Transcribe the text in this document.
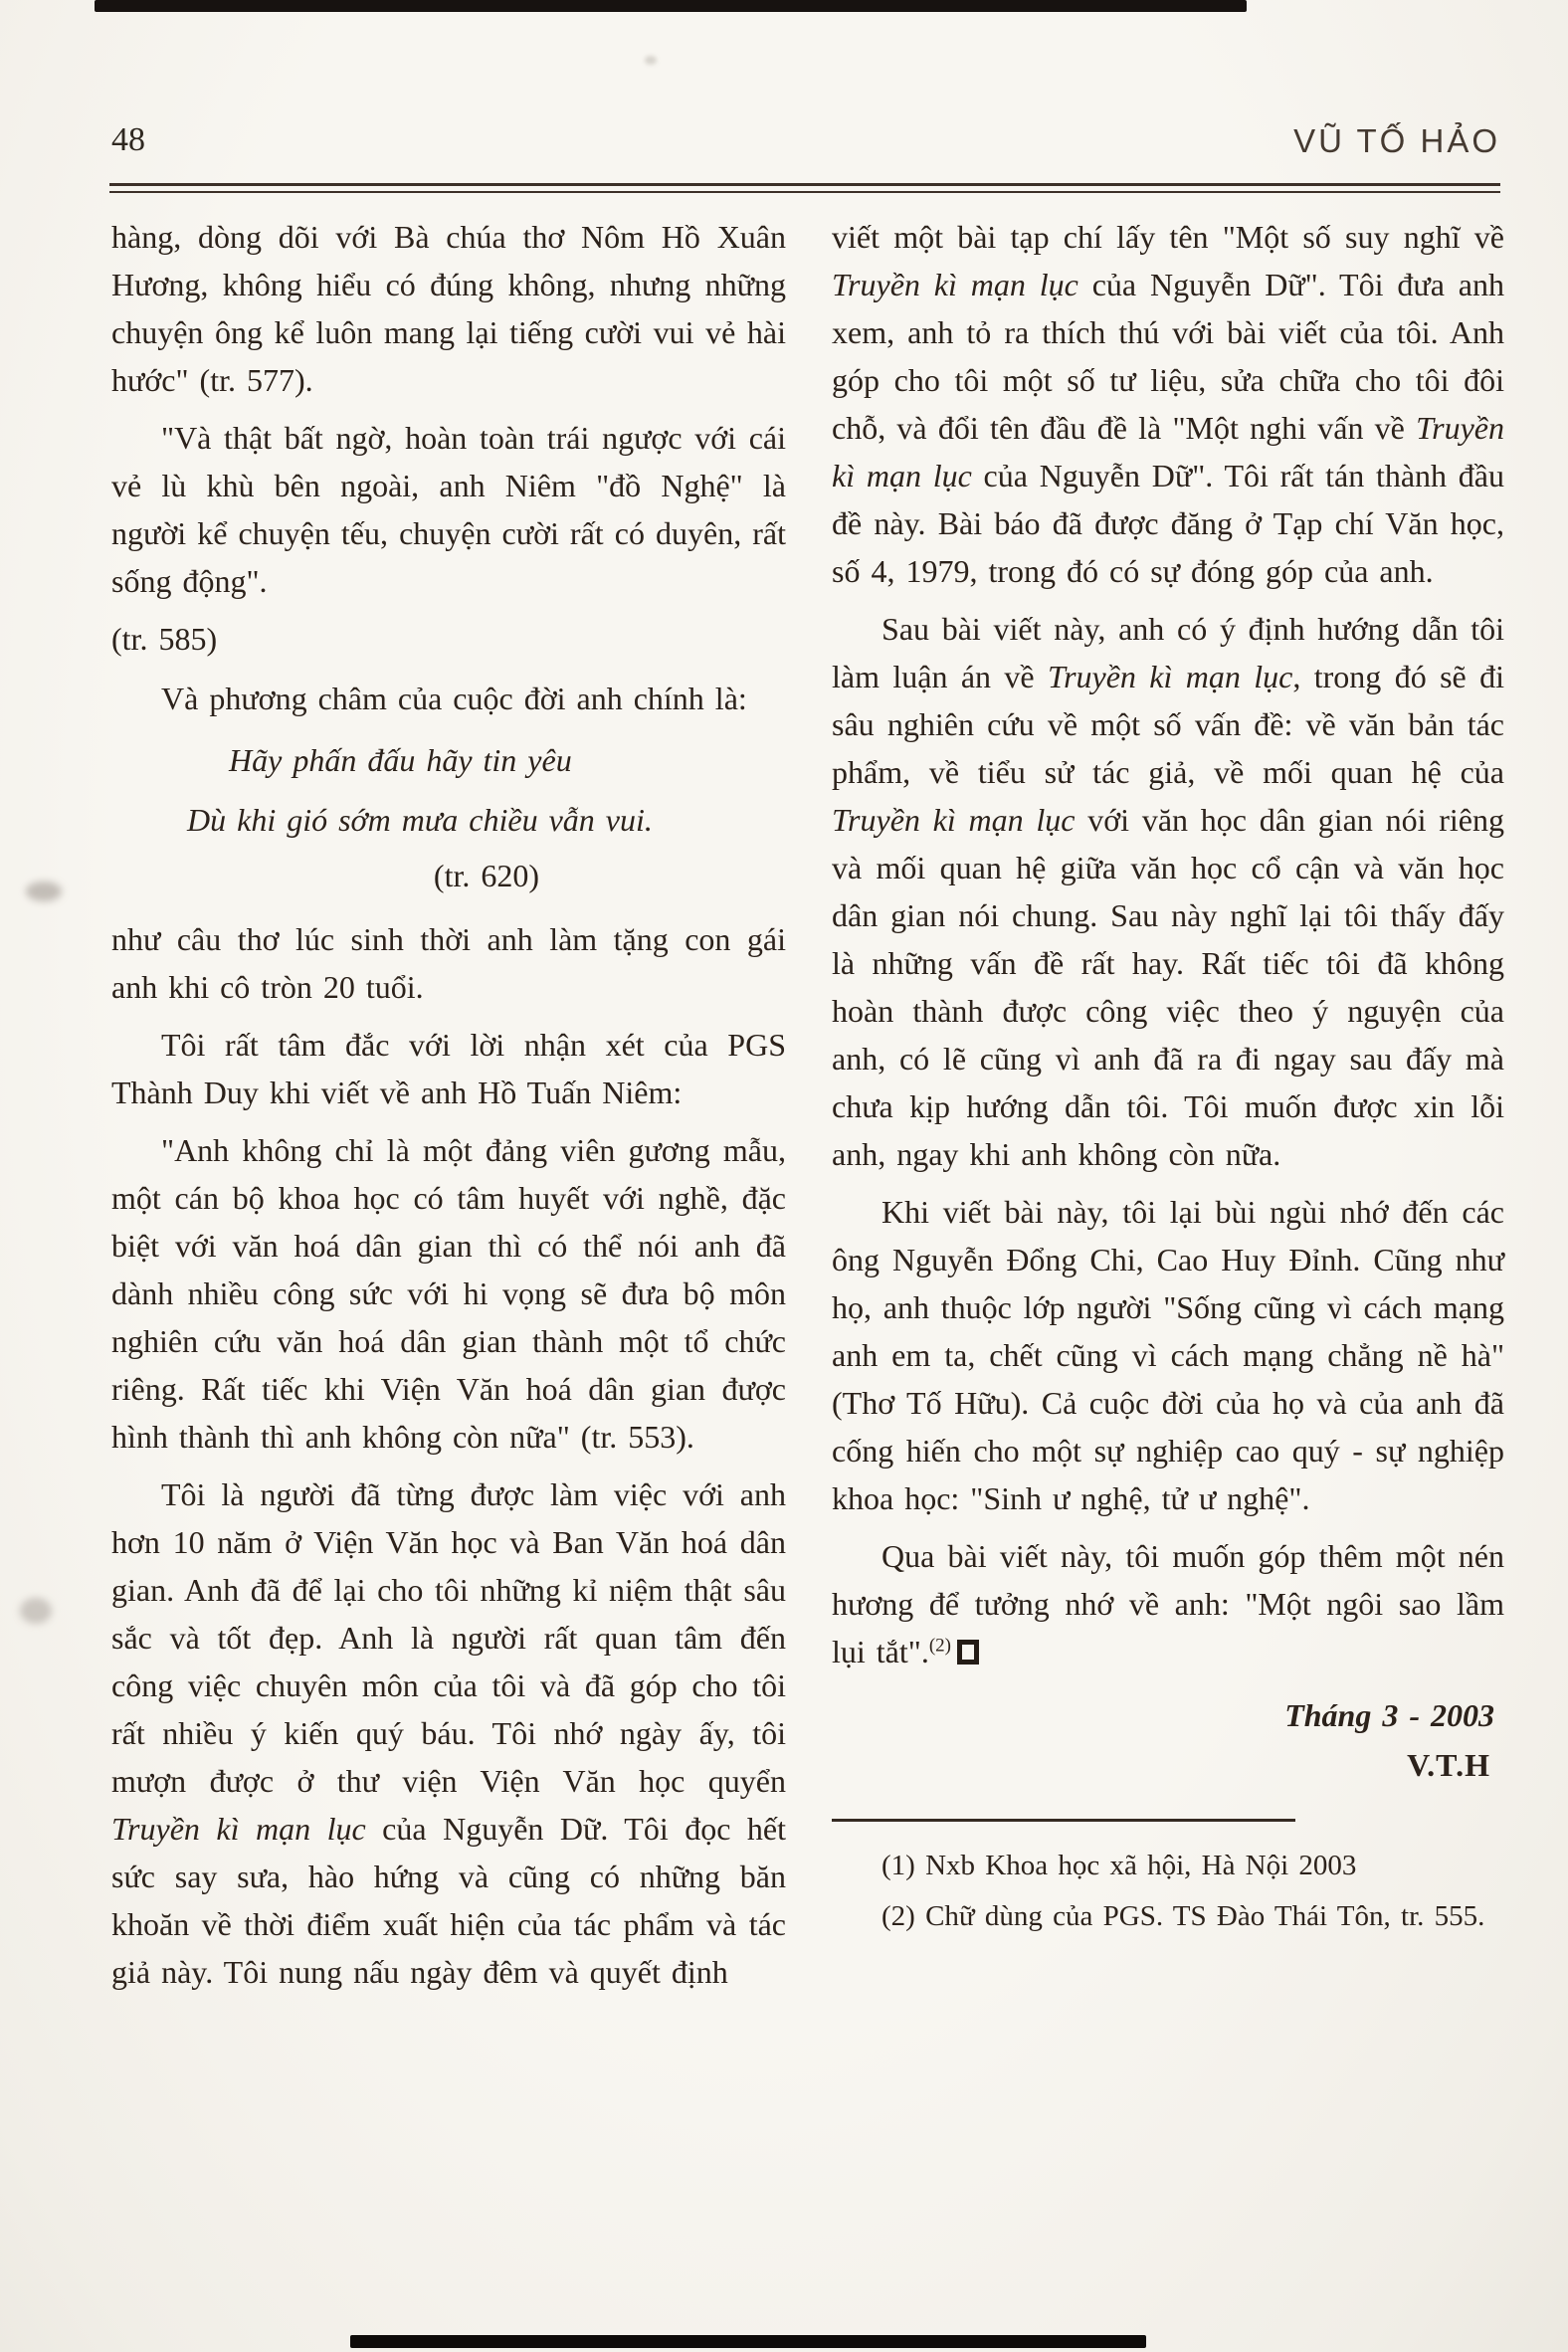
48	VŨ TỐ HẢO

hàng, dòng dõi với Bà chúa thơ Nôm Hồ Xuân Hương, không hiểu có đúng không, nhưng những chuyện ông kể luôn mang lại tiếng cười vui vẻ hài hước" (tr. 577).

"Và thật bất ngờ, hoàn toàn trái ngược với cái vẻ lù khù bên ngoài, anh Niêm "đồ Nghệ" là người kể chuyện tếu, chuyện cười rất có duyên, rất sống động".

(tr. 585)

Và phương châm của cuộc đời anh chính là:

Hãy phấn đấu hãy tin yêu

Dù khi gió sớm mưa chiều vẫn vui.

(tr. 620)

như câu thơ lúc sinh thời anh làm tặng con gái anh khi cô tròn 20 tuổi.

Tôi rất tâm đắc với lời nhận xét của PGS Thành Duy khi viết về anh Hồ Tuấn Niêm:

"Anh không chỉ là một đảng viên gương mẫu, một cán bộ khoa học có tâm huyết với nghề, đặc biệt với văn hoá dân gian thì có thể nói anh đã dành nhiều công sức với hi vọng sẽ đưa bộ môn nghiên cứu văn hoá dân gian thành một tổ chức riêng. Rất tiếc khi Viện Văn hoá dân gian được hình thành thì anh không còn nữa" (tr. 553).

Tôi là người đã từng được làm việc với anh hơn 10 năm ở Viện Văn học và Ban Văn hoá dân gian. Anh đã để lại cho tôi những kỉ niệm thật sâu sắc và tốt đẹp. Anh là người rất quan tâm đến công việc chuyên môn của tôi và đã góp cho tôi rất nhiều ý kiến quý báu. Tôi nhớ ngày ấy, tôi mượn được ở thư viện Viện Văn học quyển Truyền kì mạn lục của Nguyễn Dữ. Tôi đọc hết sức say sưa, hào hứng và cũng có những băn khoăn về thời điểm xuất hiện của tác phẩm và tác giả này. Tôi nung nấu ngày đêm và quyết định

viết một bài tạp chí lấy tên "Một số suy nghĩ về Truyền kì mạn lục của Nguyễn Dữ". Tôi đưa anh xem, anh tỏ ra thích thú với bài viết của tôi. Anh góp cho tôi một số tư liệu, sửa chữa cho tôi đôi chỗ, và đổi tên đầu đề là "Một nghi vấn về Truyền kì mạn lục của Nguyễn Dữ". Tôi rất tán thành đầu đề này. Bài báo đã được đăng ở Tạp chí Văn học, số 4, 1979, trong đó có sự đóng góp của anh.

Sau bài viết này, anh có ý định hướng dẫn tôi làm luận án về Truyền kì mạn lục, trong đó sẽ đi sâu nghiên cứu về một số vấn đề: về văn bản tác phẩm, về tiểu sử tác giả, về mối quan hệ của Truyền kì mạn lục với văn học dân gian nói riêng và mối quan hệ giữa văn học cổ cận và văn học dân gian nói chung. Sau này nghĩ lại tôi thấy đấy là những vấn đề rất hay. Rất tiếc tôi đã không hoàn thành được công việc theo ý nguyện của anh, có lẽ cũng vì anh đã ra đi ngay sau đấy mà chưa kịp hướng dẫn tôi. Tôi muốn được xin lỗi anh, ngay khi anh không còn nữa.

Khi viết bài này, tôi lại bùi ngùi nhớ đến các ông Nguyễn Đổng Chi, Cao Huy Đỉnh. Cũng như họ, anh thuộc lớp người "Sống cũng vì cách mạng anh em ta, chết cũng vì cách mạng chẳng nề hà" (Thơ Tố Hữu). Cả cuộc đời của họ và của anh đã cống hiến cho một sự nghiệp cao quý - sự nghiệp khoa học: "Sinh ư nghệ, tử ư nghệ".

Qua bài viết này, tôi muốn góp thêm một nén hương để tưởng nhớ về anh: "Một ngôi sao lầm lụi tắt".$^{(2)}$

Tháng 3 - 2003

V.T.H

(1) Nxb Khoa học xã hội, Hà Nội 2003

(2) Chữ dùng của PGS. TS Đào Thái Tôn, tr. 555.
